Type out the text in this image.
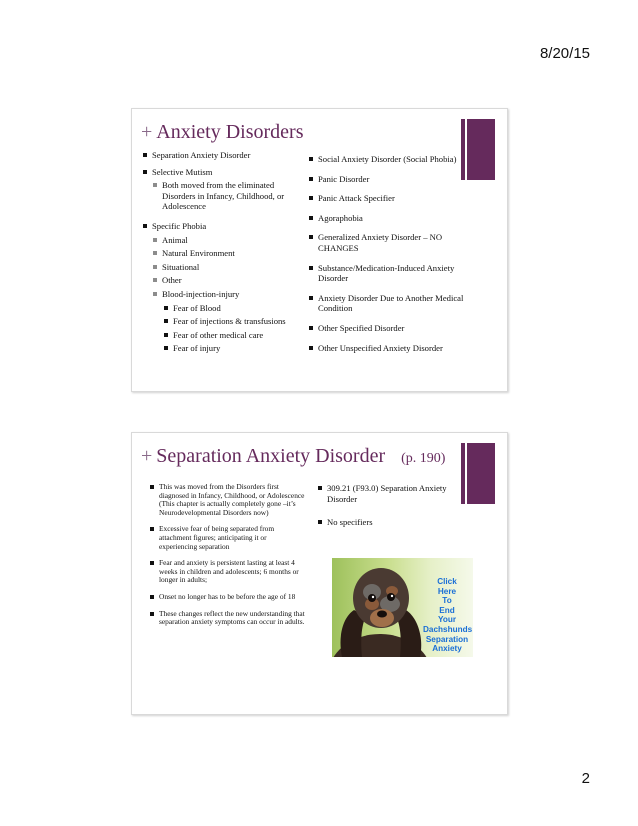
8/20/15
+ Anxiety Disorders
Separation Anxiety Disorder
Selective Mutism
Both moved from the eliminated Disorders in Infancy, Childhood, or Adolescence
Specific Phobia
Animal
Natural Environment
Situational
Other
Blood-injection-injury
Fear of Blood
Fear of injections & transfusions
Fear of other medical care
Fear of injury
Social Anxiety Disorder (Social Phobia)
Panic Disorder
Panic Attack Specifier
Agoraphobia
Generalized Anxiety Disorder – NO CHANGES
Substance/Medication-Induced Anxiety Disorder
Anxiety Disorder Due to Another Medical Condition
Other Specified Disorder
Other Unspecified Anxiety Disorder
+ Separation Anxiety Disorder (p. 190)
This was moved from the Disorders first diagnosed in Infancy, Childhood, or Adolescence (This chapter is actually completely gone –it’s Neurodevelopmental Disorders now)
Excessive fear of being separated from attachment figures; anticipating it or experiencing separation
Fear and anxiety is persistent lasting at least 4 weeks in children and adolescents; 6 months or longer in adults;
Onset no longer has to be before the age of 18
These changes reflect the new understanding that separation anxiety symptoms can occur in adults.
309.21 (F93.0) Separation Anxiety Disorder
No specifiers
Click
Here
To
End
Your
Dachshunds
Separation
Anxiety
2
